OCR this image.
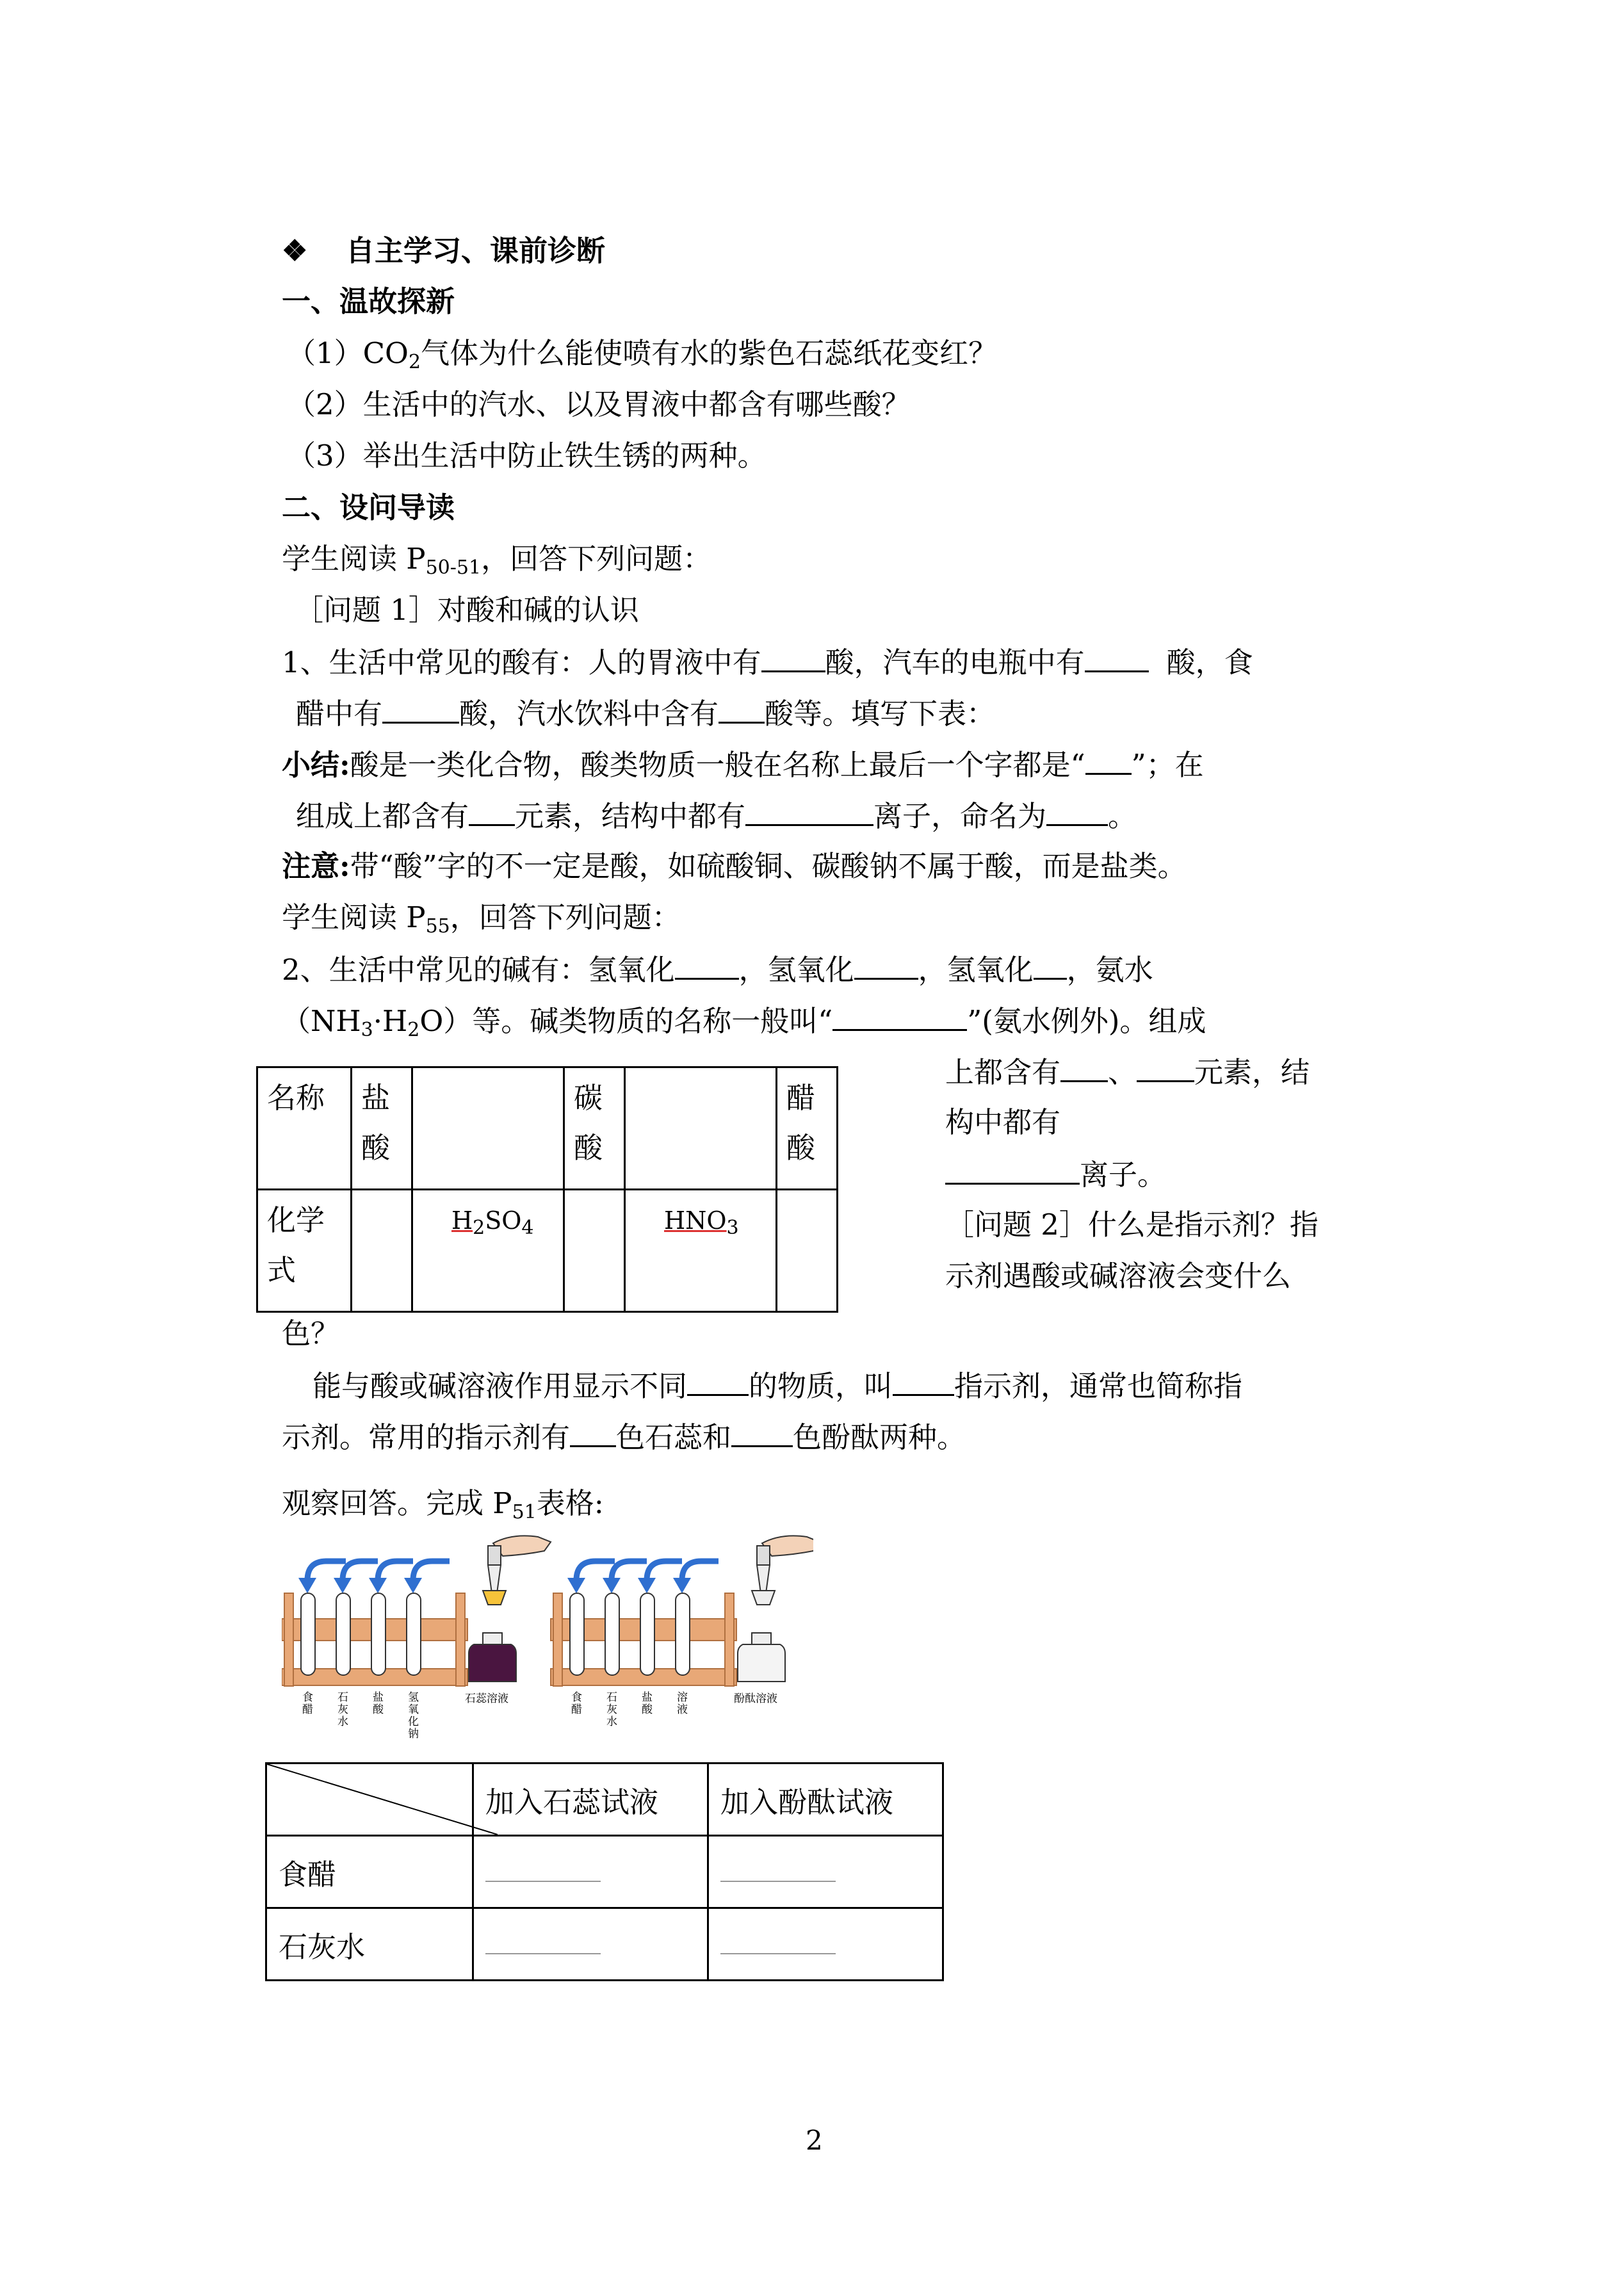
❖ 自主学习、课前诊断
一、温故探新
$(1)CO_2$气体为什么能使喷有水的紫色石蕊纸花变红？
（2）生活中的汽水、以及胃液中都含有哪些酸？
（3）举出生活中防止铁生锈的两种。
二、设问导读
学生阅读 $P_{50-51}$，回答下列问题：
［问题 1］对酸和碱的认识
1、生活中常见的酸有：人的胃液中有 酸，汽车的电瓶中有	酸，食
醋中有	酸，汽水饮料中含有 酸等。填写下表：
小结:酸是一类化合物，酸类物质一般在名称上最后一个字都是“ ”；在
组成上都含有 元素，结构中都有	离子，命名为 。
注意:带“酸”字的不一定是酸，如硫酸铜、碳酸钠不属于酸，而是盐类。
学生阅读 $P_{55}$，回答下列问题：
2、生活中常见的碱有：氢氧化 ，氢氧化 ，氢氧化 ，氨水
$(NH_3\cdot H_2O)$等。碱类物质的名称一般叫“	”(氨水例外)。组成
名称	盐酸		碳酸		醋酸
化学式		$H_2SO_4$		$HNO_3$	
上都含有 、 元素，结
构中都有
离子。
［问题 2］什么是指示剂？指
示剂遇酸或碱溶液会变什么
色？
能与酸或碱溶液作用显示不同 的物质，叫 指示剂，通常也简称指
示剂。常用的指示剂有 色石蕊和 色酚酞两种。
观察回答。完成 $P_{51}$表格:
食醋
石灰水
盐酸
氢氧化钠
石蕊溶液	食醋
石灰水
盐酸
溶液
酚酞溶液
	加入石蕊试液	加入酚酞试液
食醋		
石灰水		
2
